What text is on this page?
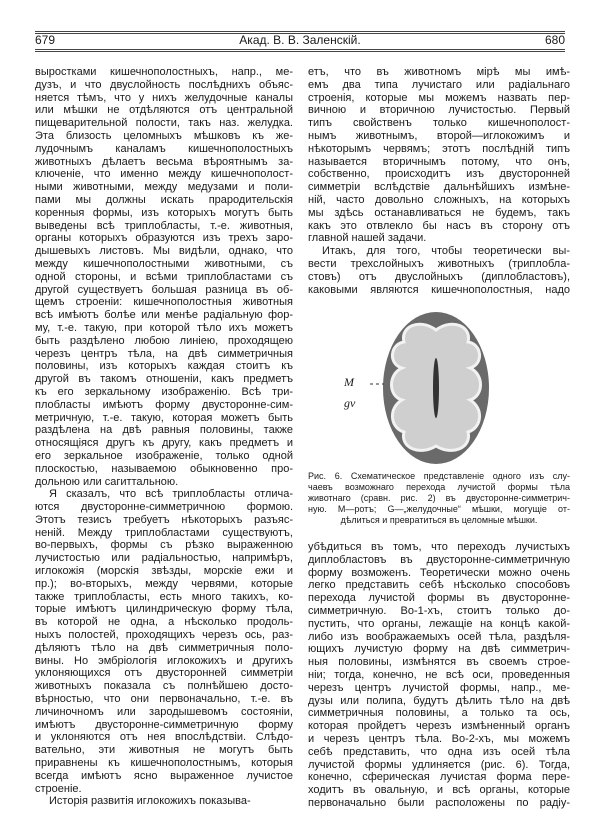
679	Акад. В. В. Заленскiй.	680
выростками кишечнополостныхъ, напр., ме-
дузъ, и что двуслойность послѣднихъ объяс-
няется тѣмъ, что у нихъ желудочные каналы
или мѣшки не отдѣляются отъ центральной
пищеварительной полости, такъ наз. желудка.
Эта близость целомныхъ мѣшковъ къ же-
лудочнымъ каналамъ кишечнополостныхъ
животныхъ дѣлаетъ весьма вѣроятнымъ за-
ключенiе, что именно между кишечнополост-
ными животными, между медузами и поли-
пами мы должны искать прародительскiя
коренныя формы, изъ которыхъ могутъ быть
выведены всѣ триплобласты, т.-е. животныя,
органы которыхъ образуются изъ трехъ заро-
дышевыхъ листовъ. Мы видѣли, однако, что
между кишечнополостными животными, съ
одной стороны, и всѣми триплобластами съ
другой существуетъ большая разница въ об-
щемъ строенiи: кишечнополостныя животныя
всѣ имѣютъ болѣе или менѣе радiальную фор-
му, т.-е. такую, при которой тѣло ихъ можетъ
быть раздѣлено любою линiею, проходящею
черезъ центръ тѣла, на двѣ симметричныя
половины, изъ которыхъ каждая стоитъ къ
другой въ такомъ отношенiи, какъ предметъ
къ его зеркальному изображенiю. Всѣ три-
плобласты имѣютъ форму двусторонне-сим-
метричную, т.-е. такую, которая можетъ быть
раздѣлена на двѣ равныя половины, также
относящiяся другъ къ другу, какъ предметъ и
его зеркальное изображенiе, только одной
плоскостью, называемою обыкновенно про-
дольною или сагиттальною.
Я сказалъ, что всѣ триплобласты отлича-
ются двусторонне-симметричною формою.
Этотъ тезисъ требуетъ нѣкоторыхъ разъяс-
ненiй. Между триплобластами существуютъ,
во-первыхъ, формы съ рѣзко выраженною
лучистостью или радiальностью, напримѣръ,
иглокожiя (морскiя звѣзды, морскiе ежи и
пр.); во-вторыхъ, между червями, которые
также триплобласты, есть много такихъ, ко-
торые имѣютъ цилиндрическую форму тѣла,
въ которой не одна, а нѣсколько продоль-
ныхъ полостей, проходящихъ черезъ ось, раз-
дѣляютъ тѣло на двѣ симметричныя поло-
вины. Но эмбрiологiя иглокожихъ и другихъ
уклоняющихся отъ двусторонней симметрiи
животныхъ показала съ полнѣйшею досто-
вѣрностью, что они первоначально, т.-е. въ
личиночномъ или зародышевомъ состоянiи,
имѣютъ двусторонне-симметричную форму
и уклоняются отъ нея впослѣдствiи. Слѣдо-
вательно, эти животныя не могутъ быть
приравнены къ кишечнополостнымъ, которыя
всегда имѣютъ ясно выраженное лучистое
строенiе.
Исторiя развитiя иглокожихъ показыва-
етъ, что въ животномъ мiрѣ мы имѣ-
емъ два типа лучистаго или радiальнаго
строенiя, которые мы можемъ назвать пер-
вичною и вторичною лучистостью. Первый
типъ свойственъ только кишечнополост-
нымъ животнымъ, второй—иглокожимъ и
нѣкоторымъ червямъ; этотъ послѣднiй типъ
называется вторичнымъ потому, что онъ,
собственно, происходитъ изъ двусторонней
симметрiи вслѣдствiе дальнѣйшихъ измѣне-
нiй, часто довольно сложныхъ, на которыхъ
мы здѣсь останавливаться не будемъ, такъ
какъ это отвлекло бы насъ въ сторону отъ
главной нашей задачи.
Итакъ, для того, чтобы теоретически вы-
вести трехслойныхъ животныхъ (триплобла-
стовъ) отъ двуслойныхъ (диплобластовъ),
каковыми являются кишечнополостныя, надо
M
gv
Рис. 6. Схематическое представленiе одного изъ слу-
чаевъ возможнаго перехода лучистой формы тѣла
животнаго (сравн. рис. 2) въ двусторонне-симметрич-
ную. М—ротъ; G—„желудочные“ мѣшки, могущiе от-
дѣлиться и превратиться въ целомные мѣшки.
убѣдиться въ томъ, что переходъ лучистыхъ
диплобластовъ въ двусторонне-симметричную
форму возможенъ. Теоретически можно очень
легко представить себѣ нѣсколько способовъ
перехода лучистой формы въ двусторонне-
симметричную. Во-1-хъ, стоитъ только до-
пустить, что органы, лежащiе на концѣ какой-
либо изъ воображаемыхъ осей тѣла, раздѣля-
ющихъ лучистую форму на двѣ симметрич-
ныя половины, измѣнятся въ своемъ строе-
нiи; тогда, конечно, не всѣ оси, проведенныя
черезъ центръ лучистой формы, напр., ме-
дузы или полипа, будутъ дѣлить тѣло на двѣ
симметричныя половины, а только та ось,
которая пройдетъ черезъ измѣненный органъ
и черезъ центръ тѣла. Во-2-хъ, мы можемъ
себѣ представить, что одна изъ осей тѣла
лучистой формы удлиняется (рис. 6). Тогда,
конечно, сферическая лучистая форма пере-
ходитъ въ овальную, и всѣ органы, которые
первоначально были расположены по радiу-
